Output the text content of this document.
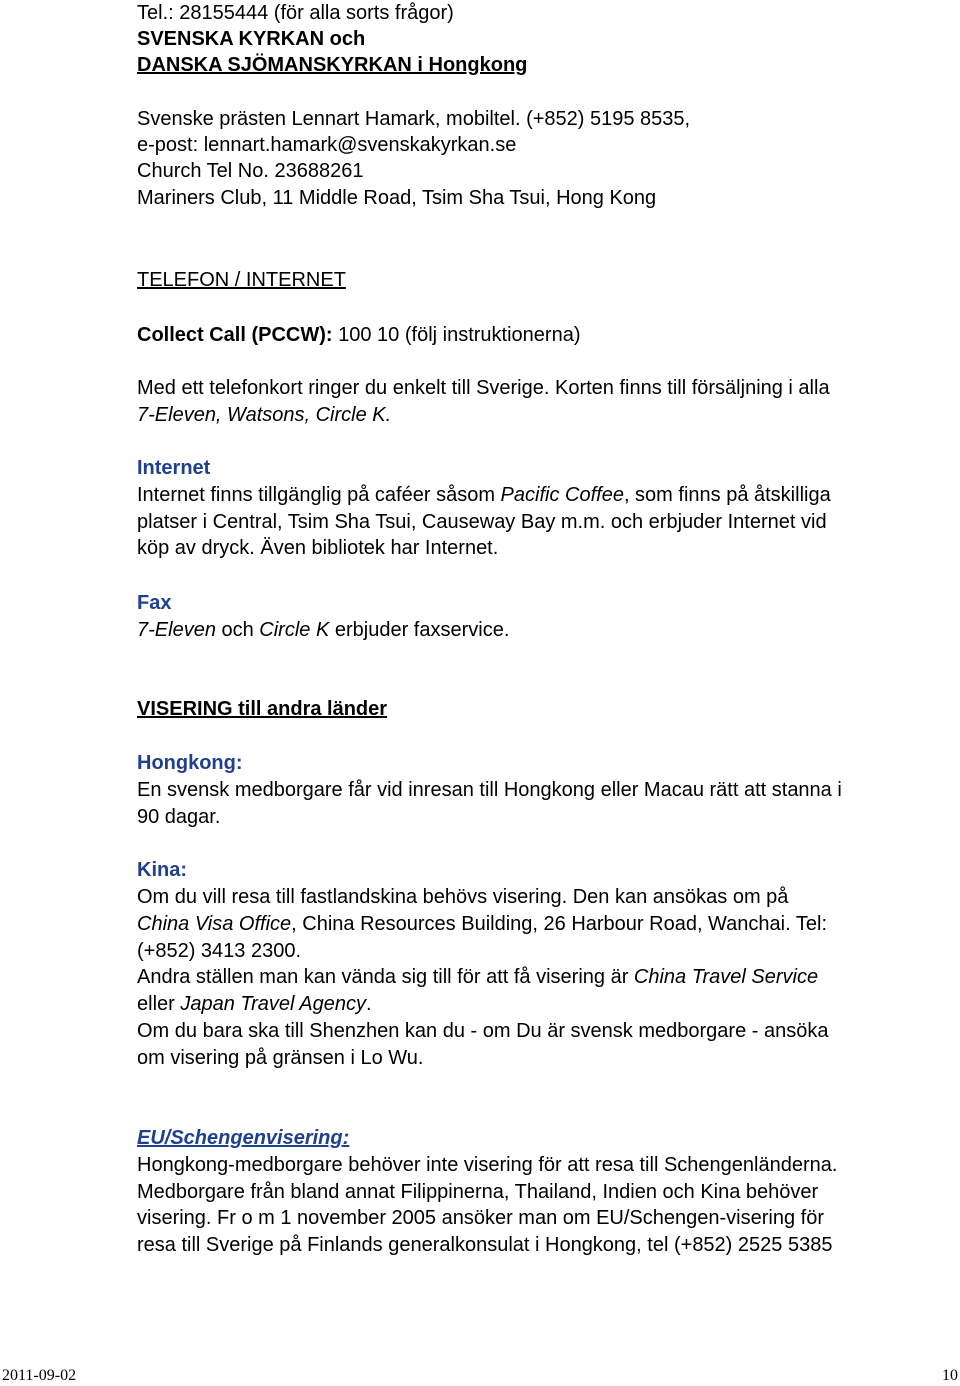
Tel.: 28155444 (för alla sorts frågor)
SVENSKA KYRKAN och
DANSKA SJÖMANSKYRKAN i Hongkong
Svenske prästen Lennart Hamark, mobiltel. (+852) 5195 8535,
e-post: lennart.hamark@svenskakyrkan.se
Church Tel No. 23688261
Mariners Club, 11 Middle Road, Tsim Sha Tsui, Hong Kong
TELEFON / INTERNET
Collect Call (PCCW): 100 10 (följ instruktionerna)
Med ett telefonkort ringer du enkelt till Sverige. Korten finns till försäljning i alla
7-Eleven, Watsons, Circle K.
Internet
Internet finns tillgänglig på caféer såsom Pacific Coffee, som finns på åtskilliga
platser i Central, Tsim Sha Tsui, Causeway Bay m.m. och erbjuder Internet vid
köp av dryck. Även bibliotek har Internet.
Fax
7-Eleven och Circle K erbjuder faxservice.
VISERING till andra länder
Hongkong:
En svensk medborgare får vid inresan till Hongkong eller Macau rätt att stanna i
90 dagar.
Kina:
Om du vill resa till fastlandskina behövs visering. Den kan ansökas om på
China Visa Office, China Resources Building, 26 Harbour Road, Wanchai. Tel:
(+852) 3413 2300.
Andra ställen man kan vända sig till för att få visering är China Travel Service
eller Japan Travel Agency.
Om du bara ska till Shenzhen kan du - om Du är svensk medborgare - ansöka
om visering på gränsen i Lo Wu.
EU/Schengenvisering:
Hongkong-medborgare behöver inte visering för att resa till Schengenländerna.
Medborgare från bland annat Filippinerna, Thailand, Indien och Kina behöver
visering. Fr o m 1 november 2005 ansöker man om EU/Schengen-visering för
resa till Sverige på Finlands generalkonsulat i Hongkong, tel (+852) 2525 5385
2011-09-02	10
